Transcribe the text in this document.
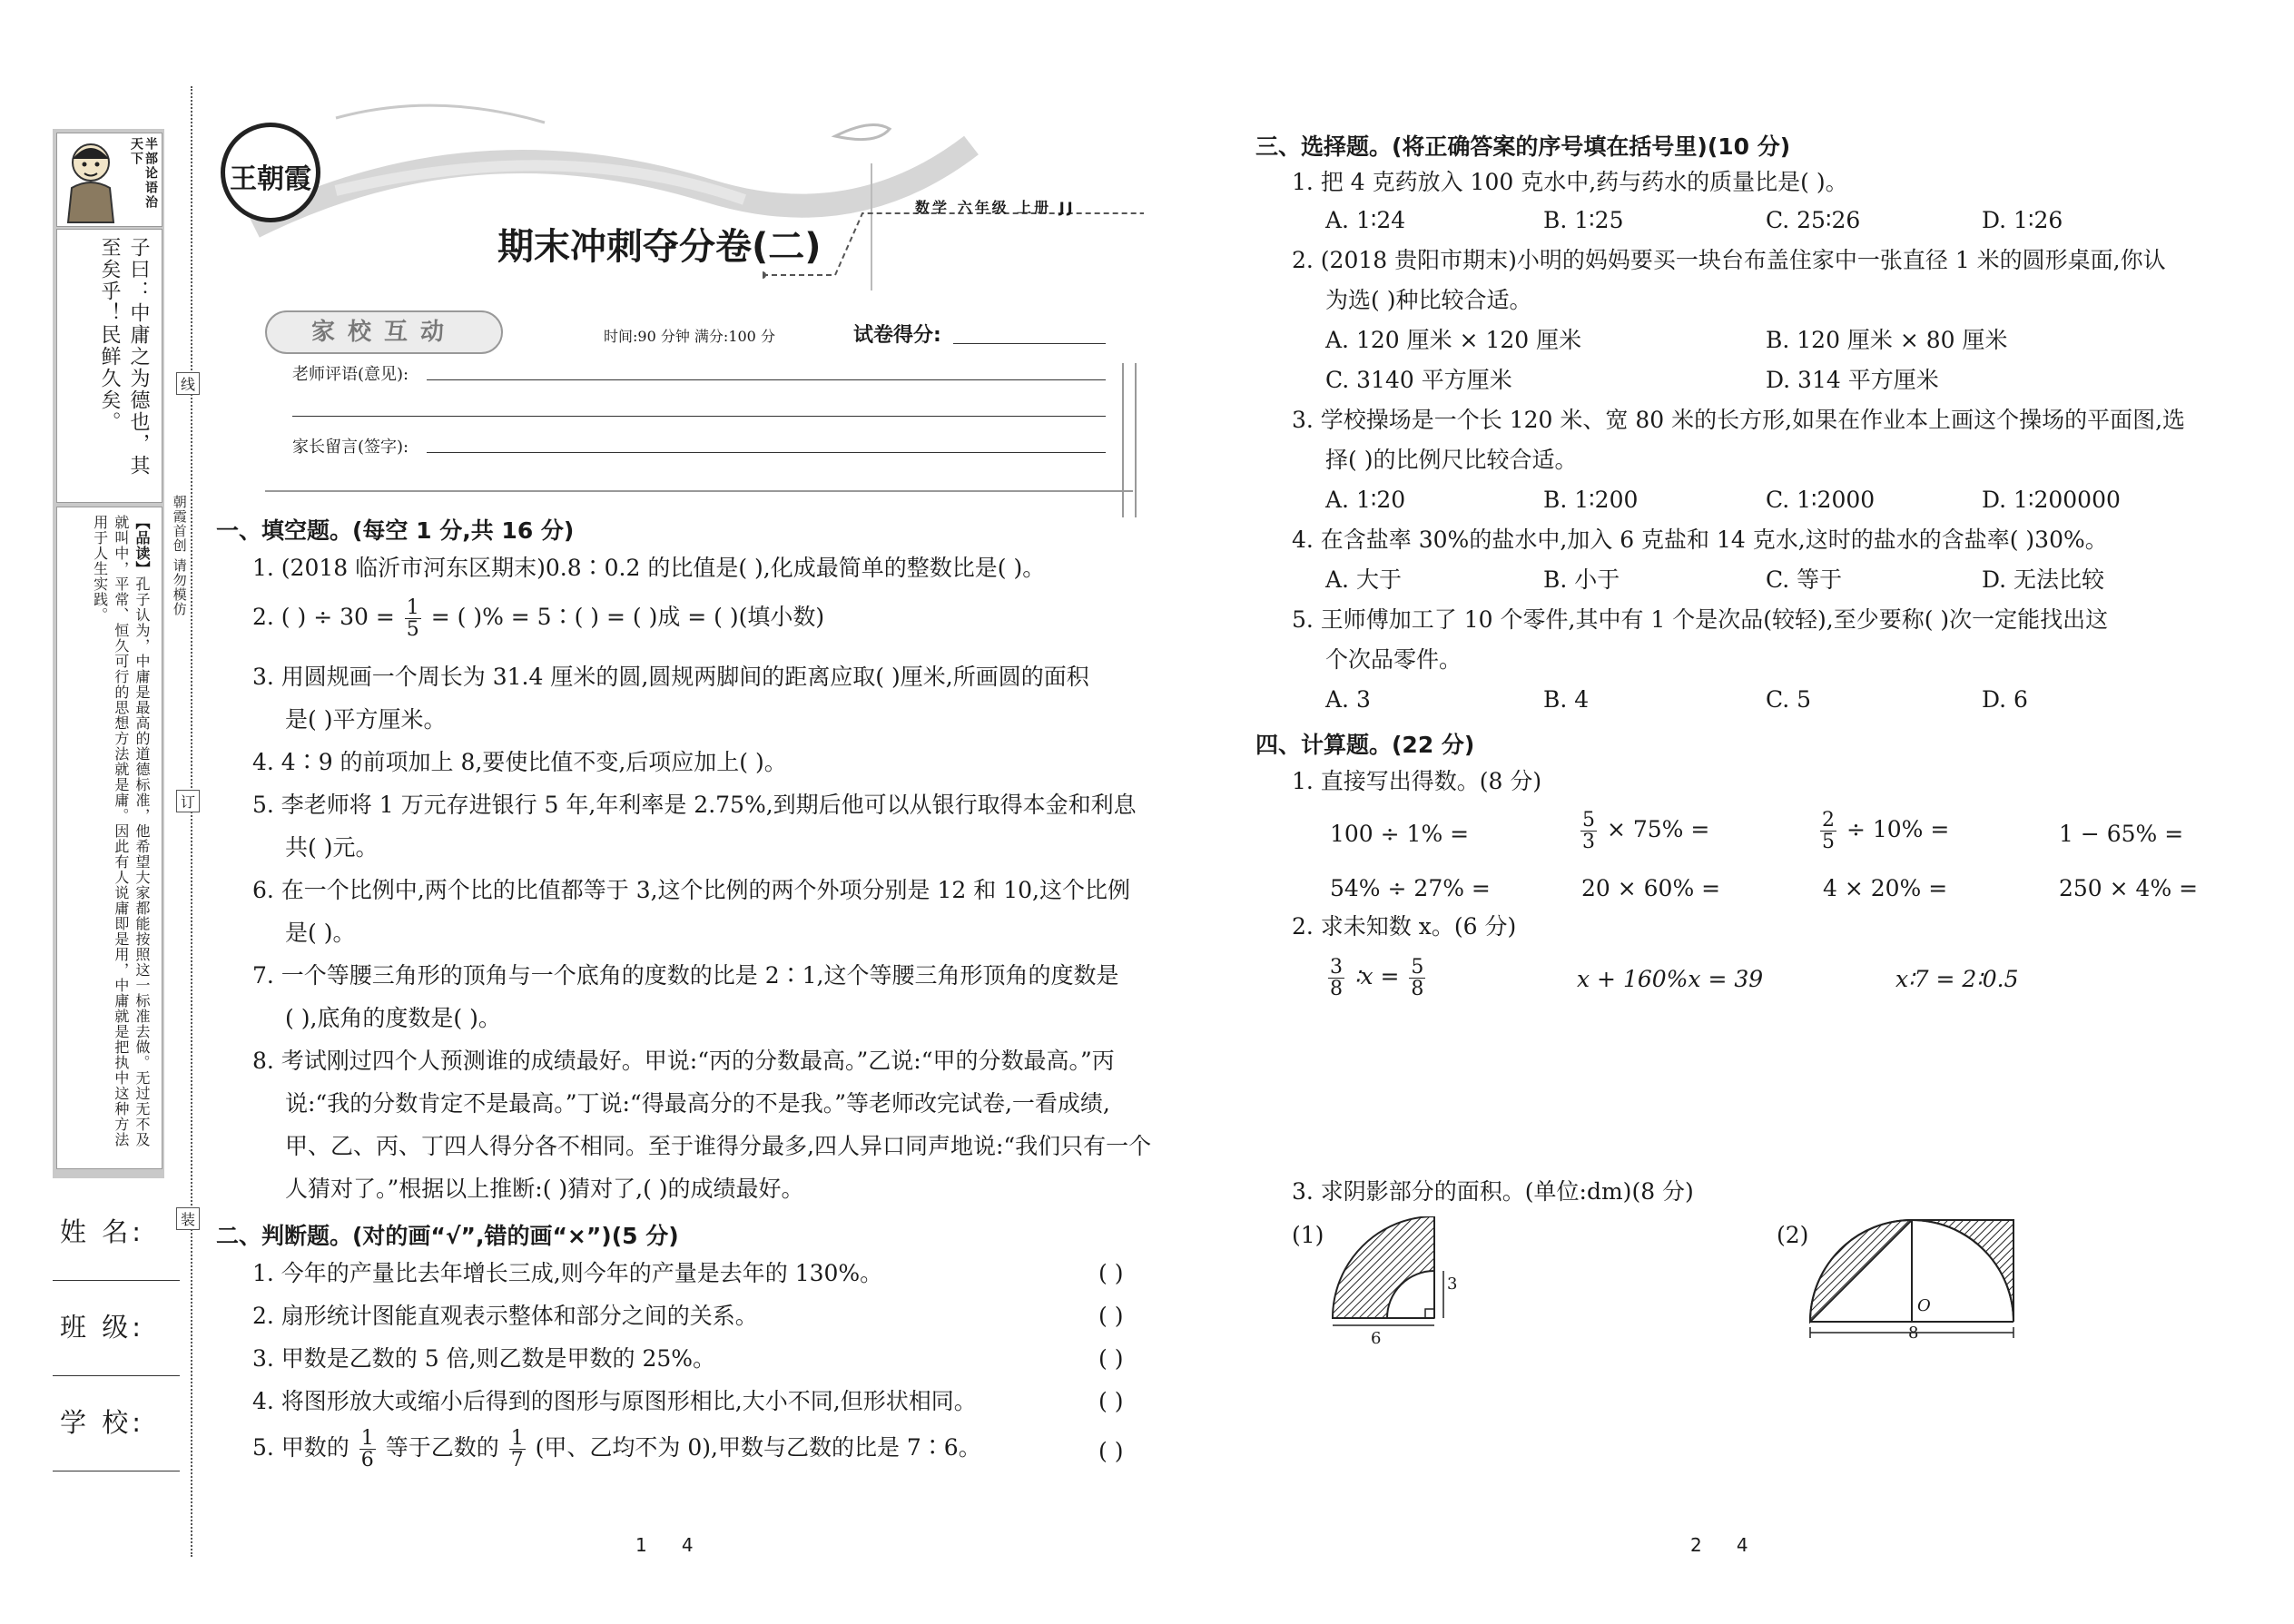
半部论语治天下
子曰：中庸之为德也，其至矣乎！民鲜久矣。
【品读】孔子认为，中庸是最高的道德标准，他希望大家都能按照这一标准去做。无过无不及就叫中，平常、恒久可行的思想方法就是庸。因此有人说庸即是用，中庸就是把执中这种方法用于人生实践。
线
订
装
朝霞首创 请勿模仿
姓 名:
班 级:
学 校:
王朝霞
期末冲刺夺分卷(二)
数学 六年级 上册 JJ
家校互动	时间:90 分钟 满分:100 分	试卷得分:
老师评语(意见):
家长留言(签字):
一、填空题。(每空 1 分,共 16 分)
1. (2018 临沂市河东区期末)0.8∶0.2 的比值是( ),化成最简单的整数比是( )。
2. ( ) ÷ $30 = \frac{1}{5}$ = ( )% = 5∶( ) = ( )成 = ( )(填小数)
3. 用圆规画一个周长为 31.4 厘米的圆,圆规两脚间的距离应取( )厘米,所画圆的面积
是( )平方厘米。
4. 4∶9 的前项加上 8,要使比值不变,后项应加上( )。
5. 李老师将 1 万元存进银行 5 年,年利率是 2.75%,到期后他可以从银行取得本金和利息
共( )元。
6. 在一个比例中,两个比的比值都等于 3,这个比例的两个外项分别是 12 和 10,这个比例
是( )。
7. 一个等腰三角形的顶角与一个底角的度数的比是 2∶1,这个等腰三角形顶角的度数是
( ),底角的度数是( )。
8. 考试刚过四个人预测谁的成绩最好。甲说:“丙的分数最高。”乙说:“甲的分数最高。”丙
说:“我的分数肯定不是最高。”丁说:“得最高分的不是我。”等老师改完试卷,一看成绩,
甲、乙、丙、丁四人得分各不相同。至于谁得分最多,四人异口同声地说:“我们只有一个
人猜对了。”根据以上推断:( )猜对了,( )的成绩最好。
二、判断题。(对的画“√”,错的画“×”)(5 分)
1. 今年的产量比去年增长三成,则今年的产量是去年的 130%。	( )
2. 扇形统计图能直观表示整体和部分之间的关系。	( )
3. 甲数是乙数的 5 倍,则乙数是甲数的 25%。	( )
4. 将图形放大或缩小后得到的图形与原图形相比,大小不同,但形状相同。	( )
5. 甲数的 $\frac{1}{6}$ 等于乙数的 $\frac{1}{7}$ (甲、乙均不为 0),甲数与乙数的比是 7∶6。	( )
1      4
三、选择题。(将正确答案的序号填在括号里)(10 分)
1. 把 4 克药放入 100 克水中,药与药水的质量比是( )。
A. 1∶24	B. 1∶25	C. 25∶26	D. 1∶26
2. (2018 贵阳市期末)小明的妈妈要买一块台布盖住家中一张直径 1 米的圆形桌面,你认
为选( )种比较合适。
A. 120 厘米 × 120 厘米	B. 120 厘米 × 80 厘米
C. 3140 平方厘米	D. 314 平方厘米
3. 学校操场是一个长 120 米、宽 80 米的长方形,如果在作业本上画这个操场的平面图,选
择( )的比例尺比较合适。
A. 1∶20	B. 1∶200	C. 1∶2000	D. 1∶200000
4. 在含盐率 30%的盐水中,加入 6 克盐和 14 克水,这时的盐水的含盐率( )30%。
A. 大于	B. 小于	C. 等于	D. 无法比较
5. 王师傅加工了 10 个零件,其中有 1 个是次品(较轻),至少要称( )次一定能找出这
个次品零件。
A. 3	B. 4	C. 5	D. 6
四、计算题。(22 分)
1. 直接写出得数。(8 分)
100 ÷ 1% =	$\frac{5}{3} \times 75\%$ =	$\frac{2}{5} \div 10\%$ =	1 − 65% =
54% ÷ 27% =	20 × 60% =	4 × 20% =	250 × 4% =
2. 求未知数 x。(6 分)
$\frac{3}{8}$ ∶x = $\frac{5}{8}$	x + 160%x = 39	x∶7 = 2∶0.5
3. 求阴影部分的面积。(单位:dm)(8 分)
(1)
3
6
(2)
O
8
2      4
